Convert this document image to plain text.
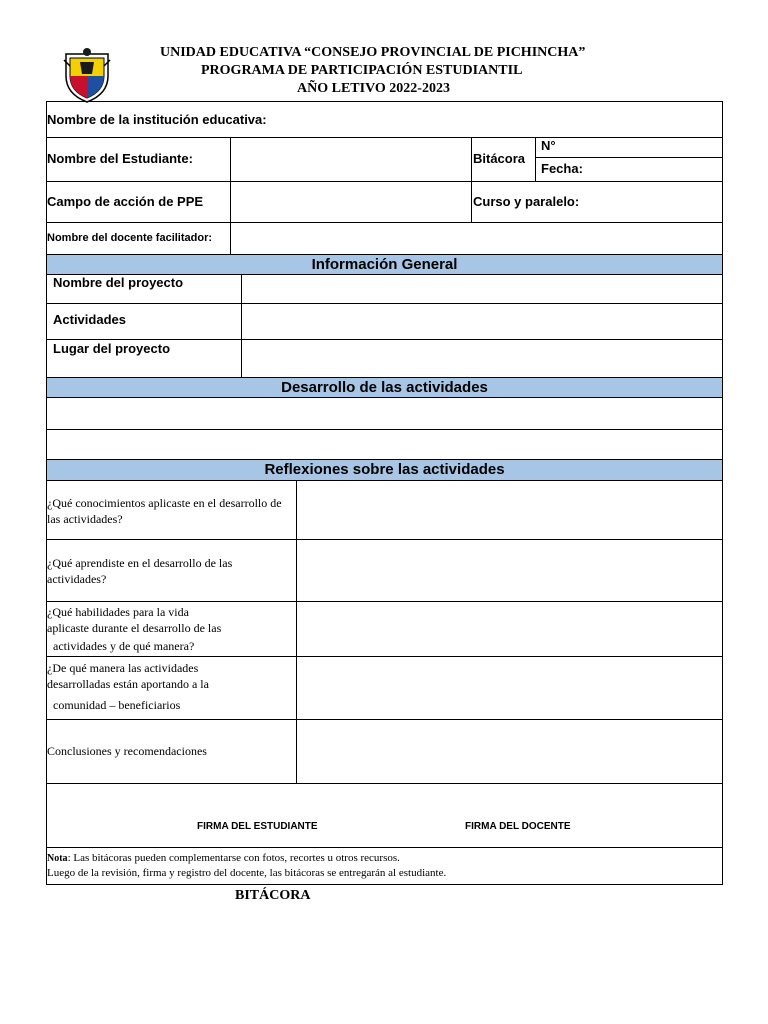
UNIDAD EDUCATIVA “CONSEJO PROVINCIAL DE PICHINCHA”
PROGRAMA DE PARTICIPACIÓN ESTUDIANTIL
AÑO LETIVO 2022-2023
Nombre de la institución educativa:
Nombre del Estudiante:	Bitácora
N°
Fecha:
Campo de acción de PPE	Curso y paralelo:
Nombre del docente facilitador:
Información General
Nombre del proyecto
Actividades
Lugar del proyecto
Desarrollo de las actividades
Reflexiones sobre las actividades
¿Qué conocimientos aplicaste en el desarrollo de
las actividades?
¿Qué aprendiste en el desarrollo de las
actividades?
¿Qué habilidades para la vida
aplicaste durante el desarrollo de las
actividades y de qué manera?
¿De qué manera las actividades
desarrolladas están aportando a la
comunidad – beneficiarios
Conclusiones y recomendaciones
FIRMA DEL ESTUDIANTE	FIRMA DEL DOCENTE
Nota: Las bitácoras pueden complementarse con fotos, recortes u otros recursos.
Luego de la revisión, firma y registro del docente, las bitácoras se entregarán al estudiante.
BITÁCORA
